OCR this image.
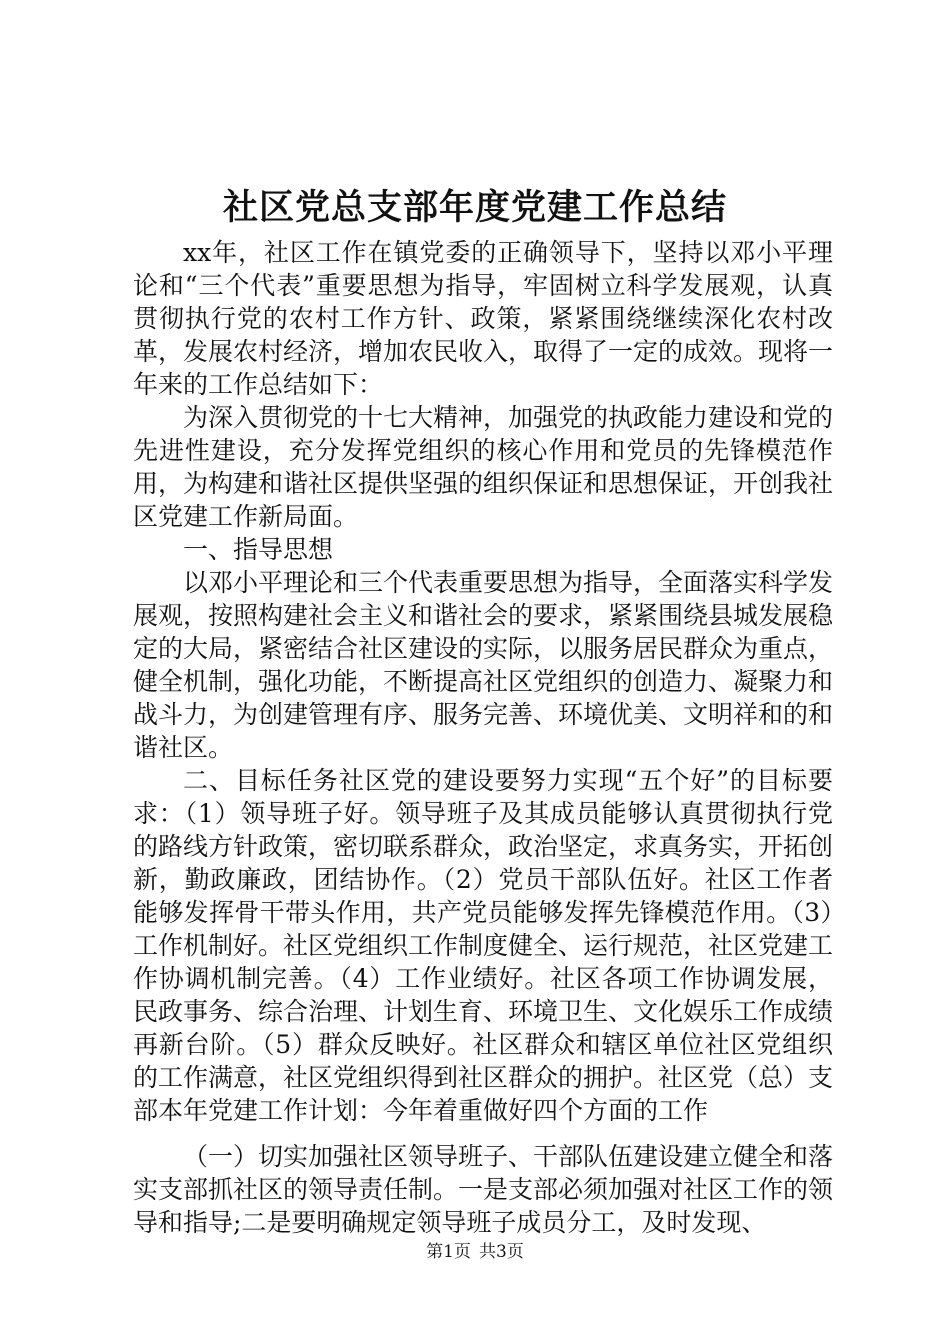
社区党总支部年度党建工作总结

xx年，社区工作在镇党委的正确领导下，坚持以邓小平理论和“三个代表”重要思想为指导，牢固树立科学发展观，认真贯彻执行党的农村工作方针、政策，紧紧围绕继续深化农村改革，发展农村经济，增加农民收入，取得了一定的成效。现将一年来的工作总结如下：

为深入贯彻党的十七大精神，加强党的执政能力建设和党的先进性建设，充分发挥党组织的核心作用和党员的先锋模范作用，为构建和谐社区提供坚强的组织保证和思想保证，开创我社区党建工作新局面。

一、指导思想

以邓小平理论和三个代表重要思想为指导，全面落实科学发展观，按照构建社会主义和谐社会的要求，紧紧围绕县城发展稳定的大局，紧密结合社区建设的实际，以服务居民群众为重点，健全机制，强化功能，不断提高社区党组织的创造力、凝聚力和战斗力，为创建管理有序、服务完善、环境优美、文明祥和的和谐社区。

二、目标任务社区党的建设要努力实现“五个好”的目标要求：（1）领导班子好。领导班子及其成员能够认真贯彻执行党的路线方针政策，密切联系群众，政治坚定，求真务实，开拓创新，勤政廉政，团结协作。（2）党员干部队伍好。社区工作者能够发挥骨干带头作用，共产党员能够发挥先锋模范作用。（3）工作机制好。社区党组织工作制度健全、运行规范，社区党建工作协调机制完善。（4）工作业绩好。社区各项工作协调发展，民政事务、综合治理、计划生育、环境卫生、文化娱乐工作成绩再新台阶。（5）群众反映好。社区群众和辖区单位社区党组织的工作满意，社区党组织得到社区群众的拥护。社区党（总）支部本年党建工作计划：今年着重做好四个方面的工作

（一）切实加强社区领导班子、干部队伍建设建立健全和落实支部抓社区的领导责任制。一是支部必须加强对社区工作的领导和指导;二是要明确规定领导班子成员分工，及时发现、

第1页 共3页
